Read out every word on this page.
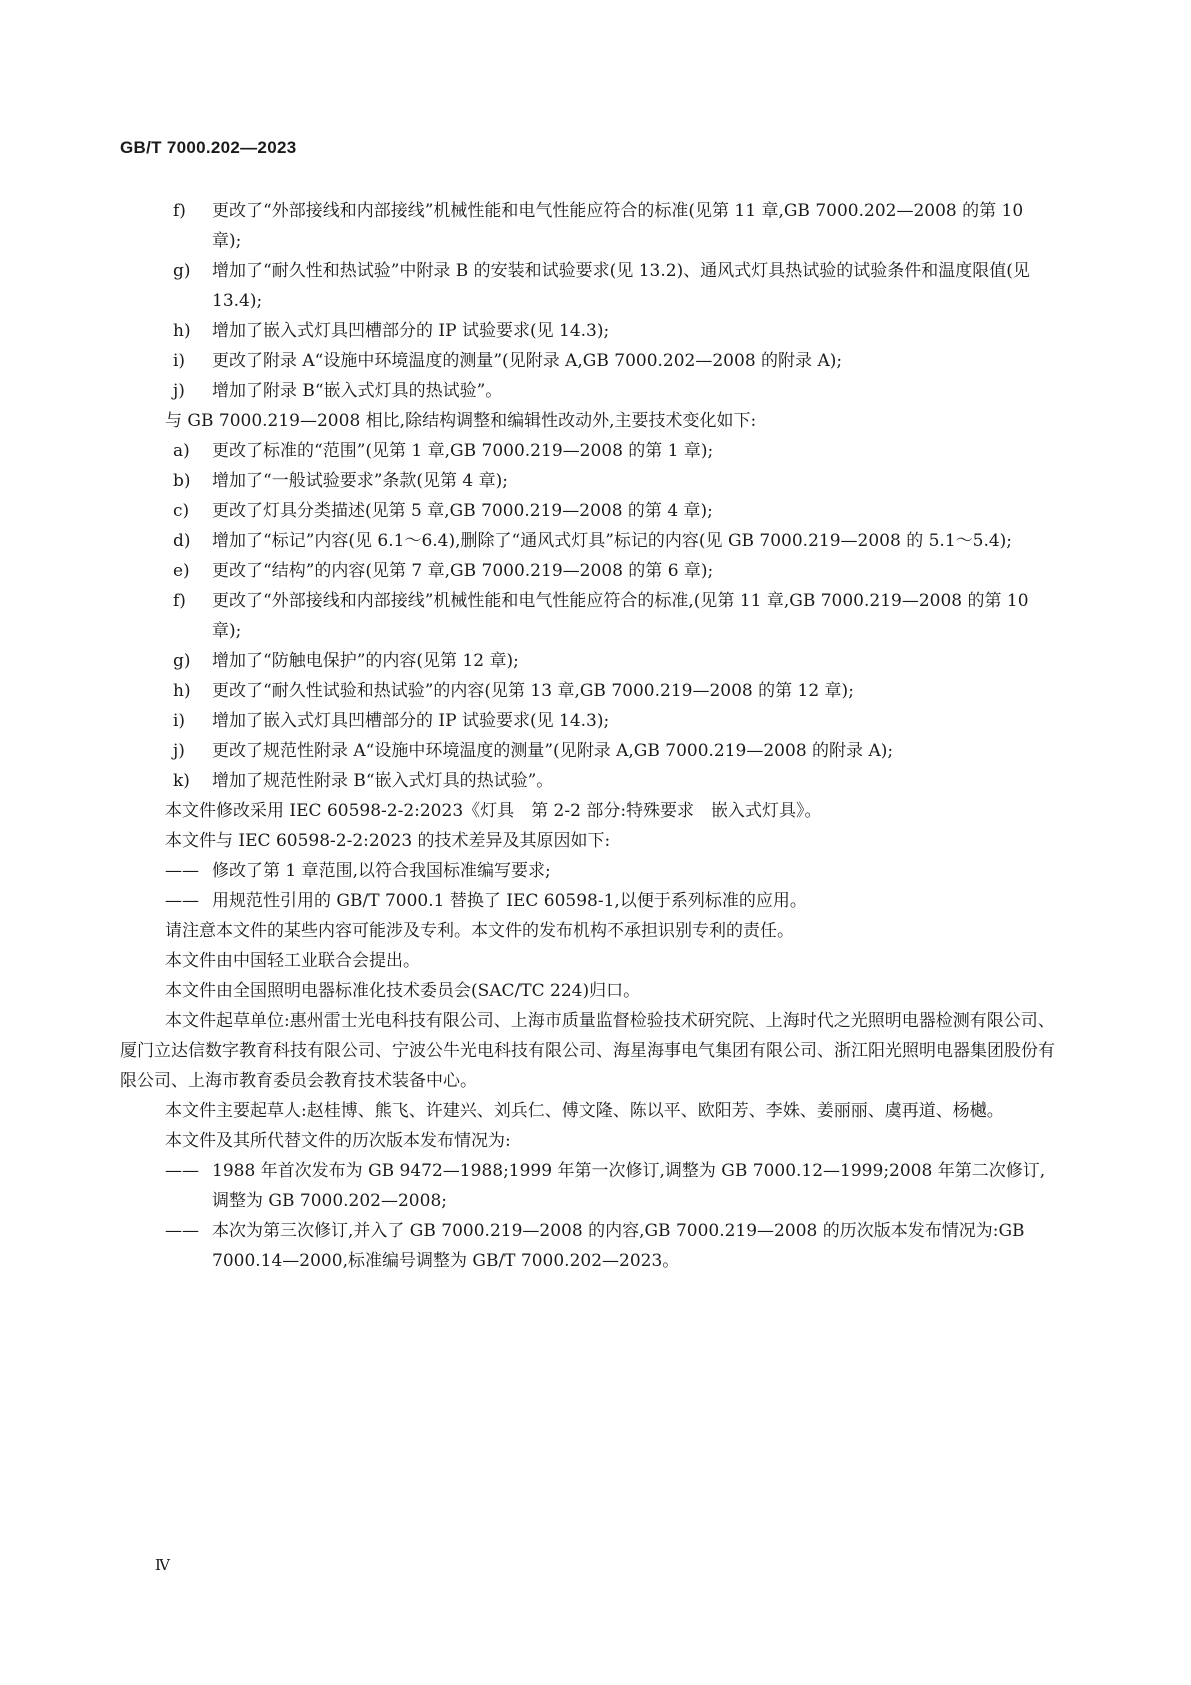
GB/T 7000.202—2023
f) 更改了“外部接线和内部接线”机械性能和电气性能应符合的标准(见第 11 章,GB 7000.202—2008 的第 10 章);
g) 增加了“耐久性和热试验”中附录 B 的安装和试验要求(见 13.2)、通风式灯具热试验的试验条件和温度限值(见 13.4);
h) 增加了嵌入式灯具凹槽部分的 IP 试验要求(见 14.3);
i) 更改了附录 A“设施中环境温度的测量”(见附录 A,GB 7000.202—2008 的附录 A);
j) 增加了附录 B“嵌入式灯具的热试验”。
与 GB 7000.219—2008 相比,除结构调整和编辑性改动外,主要技术变化如下:
a) 更改了标准的“范围”(见第 1 章,GB 7000.219—2008 的第 1 章);
b) 增加了“一般试验要求”条款(见第 4 章);
c) 更改了灯具分类描述(见第 5 章,GB 7000.219—2008 的第 4 章);
d) 增加了“标记”内容(见 6.1～6.4),删除了“通风式灯具”标记的内容(见 GB 7000.219—2008 的 5.1～5.4);
e) 更改了“结构”的内容(见第 7 章,GB 7000.219—2008 的第 6 章);
f) 更改了“外部接线和内部接线”机械性能和电气性能应符合的标准,(见第 11 章,GB 7000.219—2008 的第 10 章);
g) 增加了“防触电保护”的内容(见第 12 章);
h) 更改了“耐久性试验和热试验”的内容(见第 13 章,GB 7000.219—2008 的第 12 章);
i) 增加了嵌入式灯具凹槽部分的 IP 试验要求(见 14.3);
j) 更改了规范性附录 A“设施中环境温度的测量”(见附录 A,GB 7000.219—2008 的附录 A);
k) 增加了规范性附录 B“嵌入式灯具的热试验”。
本文件修改采用 IEC 60598-2-2:2023《灯具　第 2-2 部分:特殊要求　嵌入式灯具》。
本文件与 IEC 60598-2-2:2023 的技术差异及其原因如下:
—— 修改了第 1 章范围,以符合我国标准编写要求;
—— 用规范性引用的 GB/T 7000.1 替换了 IEC 60598-1,以便于系列标准的应用。
请注意本文件的某些内容可能涉及专利。本文件的发布机构不承担识别专利的责任。
本文件由中国轻工业联合会提出。
本文件由全国照明电器标准化技术委员会(SAC/TC 224)归口。
本文件起草单位:惠州雷士光电科技有限公司、上海市质量监督检验技术研究院、上海时代之光照明电器检测有限公司、厦门立达信数字教育科技有限公司、宁波公牛光电科技有限公司、海星海事电气集团有限公司、浙江阳光照明电器集团股份有限公司、上海市教育委员会教育技术装备中心。
本文件主要起草人:赵桂博、熊飞、许建兴、刘兵仁、傅文隆、陈以平、欧阳芳、李姝、姜丽丽、虞再道、杨樾。
本文件及其所代替文件的历次版本发布情况为:
—— 1988 年首次发布为 GB 9472—1988;1999 年第一次修订,调整为 GB 7000.12—1999;2008 年第二次修订,调整为 GB 7000.202—2008;
—— 本次为第三次修订,并入了 GB 7000.219—2008 的内容,GB 7000.219—2008 的历次版本发布情况为:GB 7000.14—2000,标准编号调整为 GB/T 7000.202—2023。
Ⅳ
